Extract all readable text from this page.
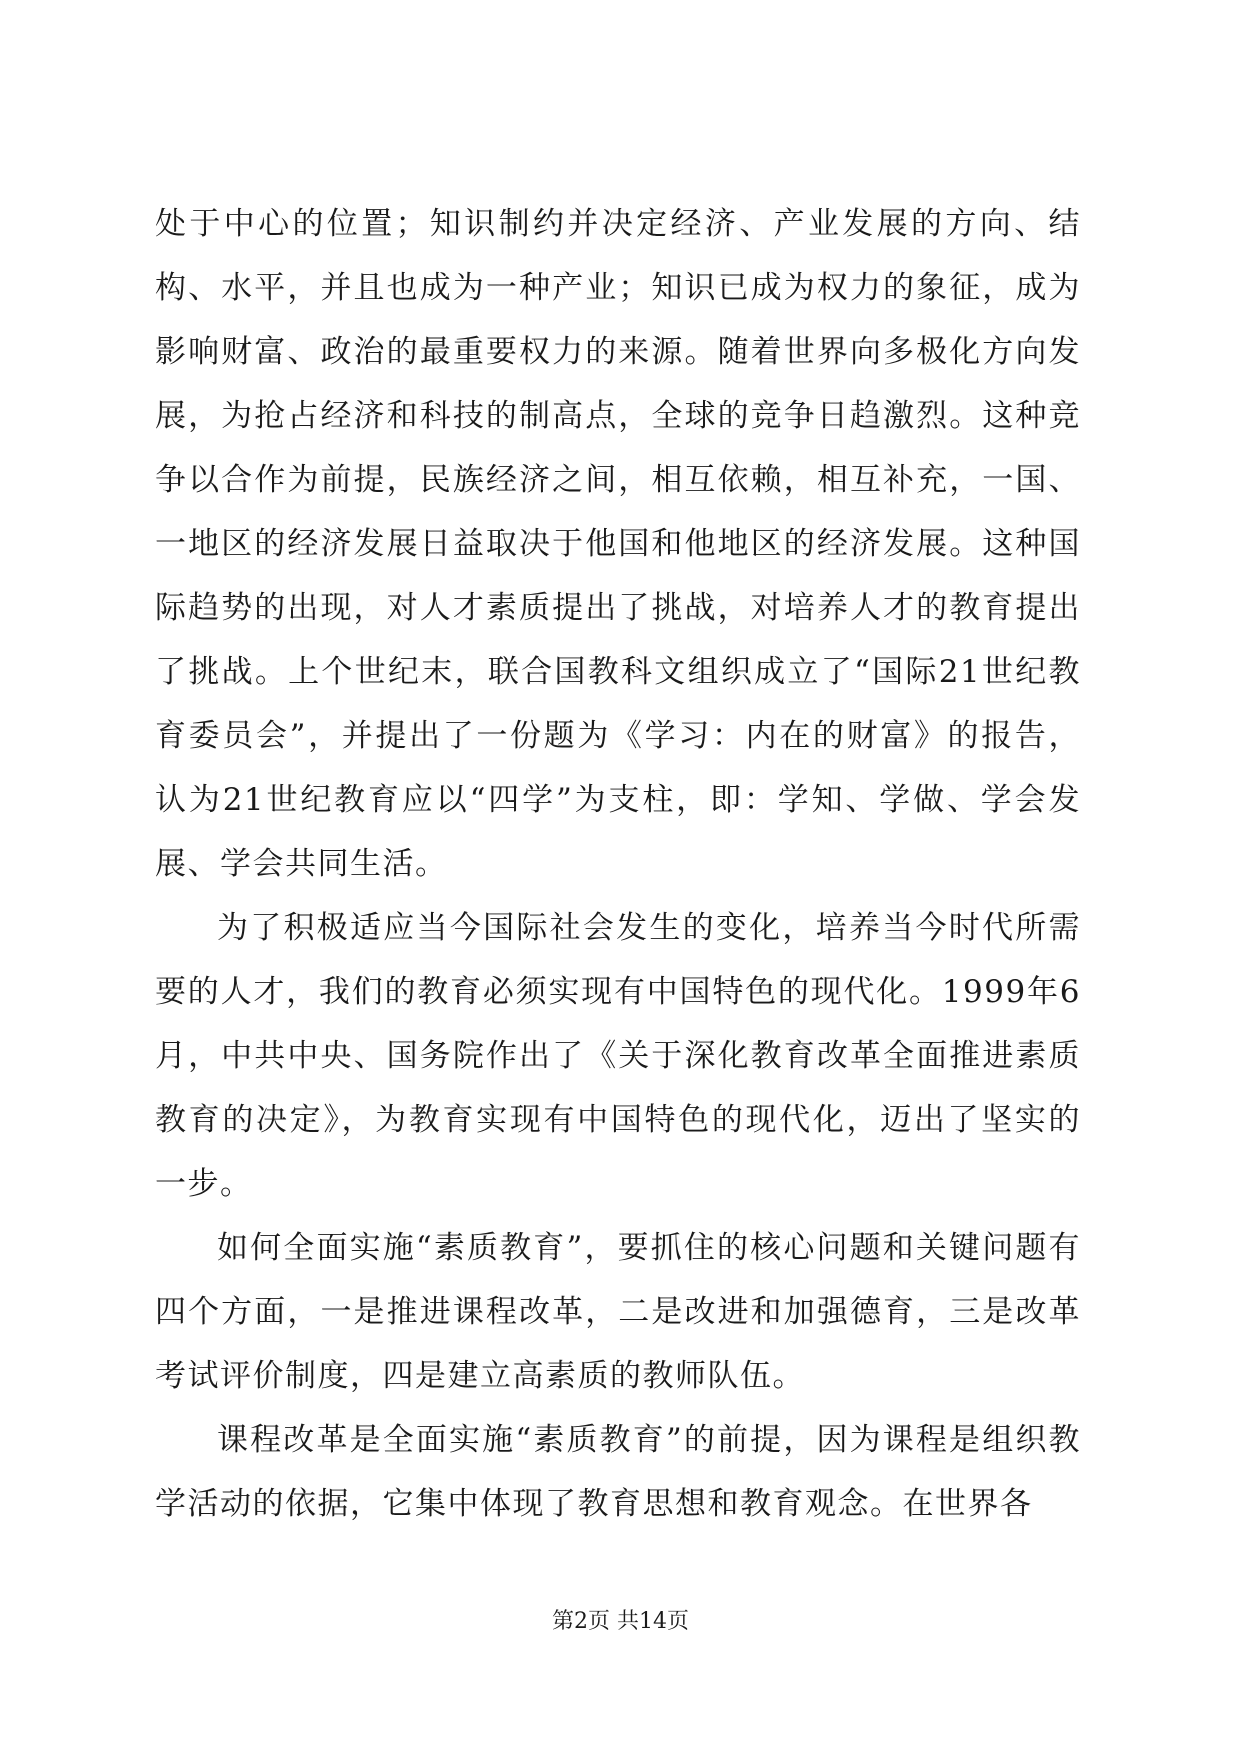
处于中心的位置；知识制约并决定经济、产业发展的方向、结构、水平，并且也成为一种产业；知识已成为权力的象征，成为影响财富、政治的最重要权力的来源。随着世界向多极化方向发展，为抢占经济和科技的制高点，全球的竞争日趋激烈。这种竞争以合作为前提，民族经济之间，相互依赖，相互补充，一国、一地区的经济发展日益取决于他国和他地区的经济发展。这种国际趋势的出现，对人才素质提出了挑战，对培养人才的教育提出了挑战。上个世纪末，联合国教科文组织成立了“国际21世纪教育委员会”，并提出了一份题为《学习：内在的财富》的报告，认为21世纪教育应以“四学”为支柱，即：学知、学做、学会发展、学会共同生活。

为了积极适应当今国际社会发生的变化，培养当今时代所需要的人才，我们的教育必须实现有中国特色的现代化。1999年6月，中共中央、国务院作出了《关于深化教育改革全面推进素质教育的决定》，为教育实现有中国特色的现代化，迈出了坚实的一步。

如何全面实施“素质教育”，要抓住的核心问题和关键问题有四个方面，一是推进课程改革，二是改进和加强德育，三是改革考试评价制度，四是建立高素质的教师队伍。

课程改革是全面实施“素质教育”的前提，因为课程是组织教学活动的依据，它集中体现了教育思想和教育观念。在世界各

第2页 共14页
